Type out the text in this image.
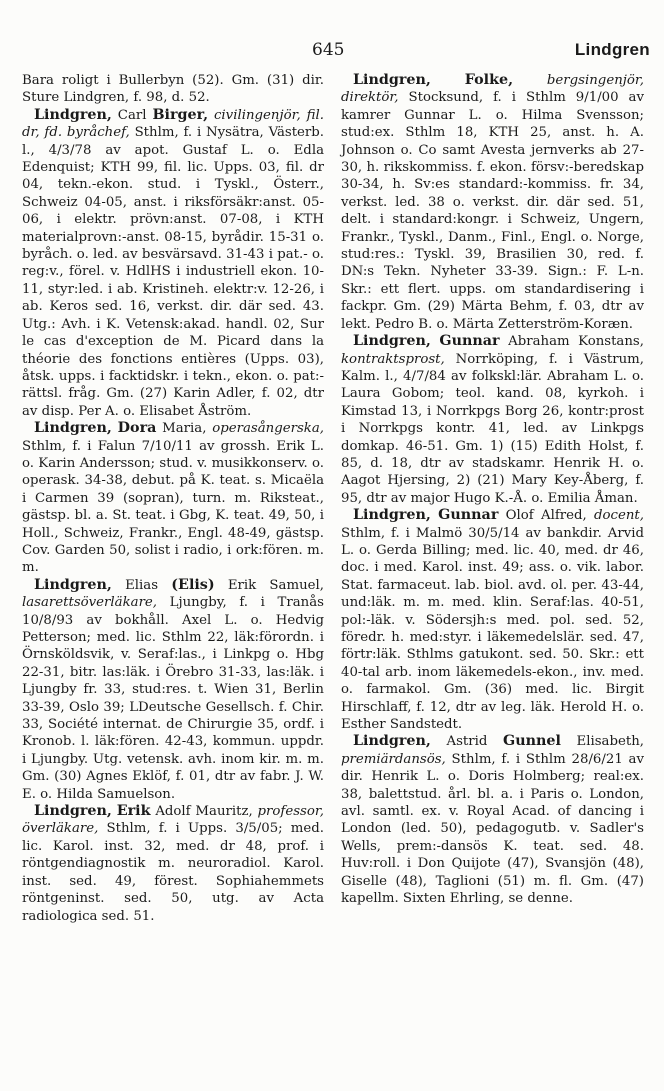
645	Lindgren

Bara roligt i Bullerbyn (52). Gm. (31) dir. Sture Lindgren, f. 98, d. 52.

Lindgren, Carl Birger, civilingenjör, fil. dr, fd. byråchef, Sthlm, f. i Nysätra, Västerb. l., 4/3/78 av apot. Gustaf L. o. Edla Edenquist; KTH 99, fil. lic. Upps. 03, fil. dr 04, tekn.-ekon. stud. i Tyskl., Österr., Schweiz 04-05, anst. i riksförsäkr:anst. 05-06, i elektr. prövn:anst. 07-08, i KTH materialprovn:-anst. 08-15, byrådir. 15-31 o. byråch. o. led. av besvärsavd. 31-43 i pat.- o. reg:v., förel. v. HdlHS i industriell ekon. 10-11, styr:led. i ab. Kristineh. elektr:v. 12-26, i ab. Keros sed. 16, verkst. dir. där sed. 43. Utg.: Avh. i K. Vetensk:akad. handl. 02, Sur le cas d'exception de M. Picard dans la théorie des fonctions entières (Upps. 03), åtsk. upps. i facktidskr. i tekn., ekon. o. pat:-rättsl. fråg. Gm. (27) Karin Adler, f. 02, dtr av disp. Per A. o. Elisabet Åström.

Lindgren, Dora Maria, operasångerska, Sthlm, f. i Falun 7/10/11 av grossh. Erik L. o. Karin Andersson; stud. v. musikkonserv. o. operask. 34-38, debut. på K. teat. s. Micaëla i Carmen 39 (sopran), turn. m. Riksteat., gästsp. bl. a. St. teat. i Gbg, K. teat. 49, 50, i Holl., Schweiz, Frankr., Engl. 48-49, gästsp. Cov. Garden 50, solist i radio, i ork:fören. m. m.

Lindgren, Elias (Elis) Erik Samuel, lasarettsöverläkare, Ljungby, f. i Tranås 10/8/93 av bokhåll. Axel L. o. Hedvig Petterson; med. lic. Sthlm 22, läk:förordn. i Örnsköldsvik, v. Seraf:las., i Linkpg o. Hbg 22-31, bitr. las:läk. i Örebro 31-33, las:läk. i Ljungby fr. 33, stud:res. t. Wien 31, Berlin 33-39, Oslo 39; LDeutsche Gesellsch. f. Chir. 33, Société internat. de Chirurgie 35, ordf. i Kronob. l. läk:fören. 42-43, kommun. uppdr. i Ljungby. Utg. vetensk. avh. inom kir. m. m. Gm. (30) Agnes Eklöf, f. 01, dtr av fabr. J. W. E. o. Hilda Samuelson.

Lindgren, Erik Adolf Mauritz, professor, överläkare, Sthlm, f. i Upps. 3/5/05; med. lic. Karol. inst. 32, med. dr 48, prof. i röntgendiagnostik m. neuroradiol. Karol. inst. sed. 49, förest. Sophiahemmets röntgeninst. sed. 50, utg. av Acta radiologica sed. 51.

Lindgren, Folke,	bergsingenjör, direktör, Stocksund, f. i Sthlm 9/1/00 av kamrer Gunnar L. o. Hilma Svensson; stud:ex. Sthlm 18, KTH 25, anst. h. A. Johnson o. Co samt Avesta jernverks ab 27-30, h. rikskommiss. f. ekon. försv:-beredskap 30-34, h. Sv:es standard:-kommiss. fr. 34, verkst. led. 38 o. verkst. dir. där sed. 51, delt. i standard:kongr. i Schweiz, Ungern, Frankr., Tyskl., Danm., Finl., Engl. o. Norge, stud:res.: Tyskl. 39, Brasilien 30, red. f. DN:s Tekn. Nyheter 33-39. Sign.: F. L-n. Skr.: ett flert. upps. om standardisering i fackpr. Gm. (29) Märta Behm, f. 03, dtr av lekt. Pedro B. o. Märta Zetterström-Koræn.

Lindgren, Gunnar Abraham Konstans, kontraktsprost, Norrköping, f. i Västrum, Kalm. l., 4/7/84 av folkskl:lär. Abraham L. o. Laura Gobom; teol. kand. 08, kyrkoh. i Kimstad 13, i Norrkpgs Borg 26, kontr:prost i Norrkpgs kontr. 41, led. av Linkpgs domkap. 46-51. Gm. 1) (15) Edith Holst, f. 85, d. 18, dtr av stadskamr. Henrik H. o. Aagot Hjersing, 2) (21) Mary Key-Åberg, f. 95, dtr av major Hugo K.-Å. o. Emilia Åman.

Lindgren, Gunnar Olof Alfred, docent, Sthlm, f. i Malmö 30/5/14 av bankdir. Arvid L. o. Gerda Billing; med. lic. 40, med. dr 46, doc. i med. Karol. inst. 49; ass. o. vik. labor. Stat. farmaceut. lab. biol. avd. ol. per. 43-44, und:läk. m. m. med. klin. Seraf:las. 40-51, pol:-läk. v. Södersjh:s med. pol. sed. 52, föredr. h. med:styr. i läkemedelslär. sed. 47, förtr:läk. Sthlms gatukont. sed. 50. Skr.: ett 40-tal arb. inom läkemedels-ekon., inv. med. o. farmakol. Gm. (36) med. lic. Birgit Hirschlaff, f. 12, dtr av leg. läk. Herold H. o. Esther Sandstedt.

Lindgren, Astrid Gunnel Elisabeth, premiärdansös, Sthlm, f. i Sthlm 28/6/21 av dir. Henrik L. o. Doris Holmberg; real:ex. 38, balettstud. årl. bl. a. i Paris o. London, avl. samtl. ex. v. Royal Acad. of dancing i London (led. 50), pedagogutb. v. Sadler's Wells, prem:-dansös K. teat. sed. 48. Huv:roll. i Don Quijote (47), Svansjön (48), Giselle (48), Taglioni (51) m. fl. Gm. (47) kapellm. Sixten Ehrling, se denne.
